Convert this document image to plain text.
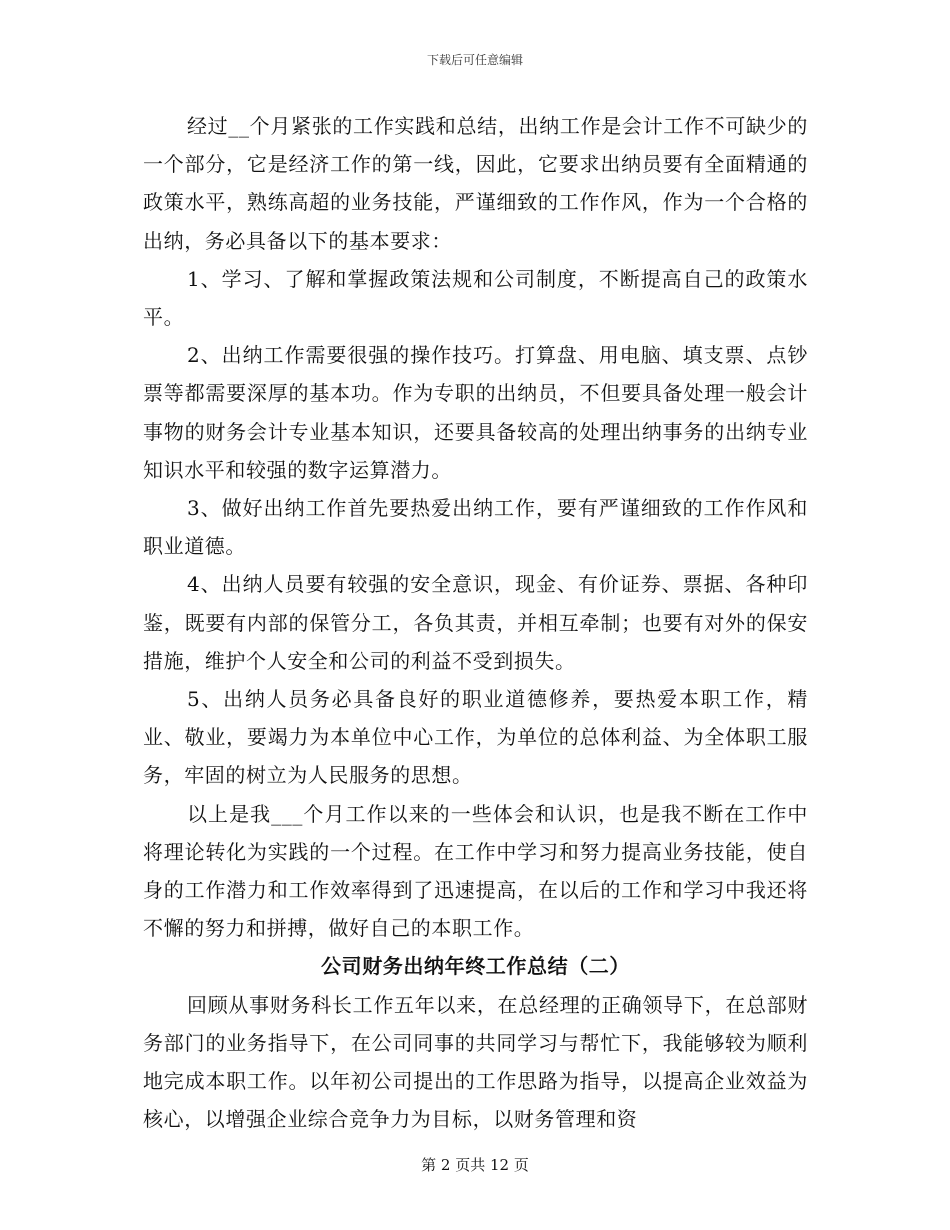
下载后可任意编辑

经过__个月紧张的工作实践和总结，出纳工作是会计工作不可缺少的一个部分，它是经济工作的第一线，因此，它要求出纳员要有全面精通的政策水平，熟练高超的业务技能，严谨细致的工作作风，作为一个合格的出纳，务必具备以下的基本要求：

1、学习、了解和掌握政策法规和公司制度，不断提高自己的政策水平。

2、出纳工作需要很强的操作技巧。打算盘、用电脑、填支票、点钞票等都需要深厚的基本功。作为专职的出纳员，不但要具备处理一般会计事物的财务会计专业基本知识，还要具备较高的处理出纳事务的出纳专业知识水平和较强的数字运算潜力。

3、做好出纳工作首先要热爱出纳工作，要有严谨细致的工作作风和职业道德。

4、出纳人员要有较强的安全意识，现金、有价证券、票据、各种印鉴，既要有内部的保管分工，各负其责，并相互牵制；也要有对外的保安措施，维护个人安全和公司的利益不受到损失。

5、出纳人员务必具备良好的职业道德修养，要热爱本职工作，精业、敬业，要竭力为本单位中心工作，为单位的总体利益、为全体职工服务，牢固的树立为人民服务的思想。

以上是我___个月工作以来的一些体会和认识，也是我不断在工作中将理论转化为实践的一个过程。在工作中学习和努力提高业务技能，使自身的工作潜力和工作效率得到了迅速提高，在以后的工作和学习中我还将不懈的努力和拼搏，做好自己的本职工作。

公司财务出纳年终工作总结（二）

回顾从事财务科长工作五年以来，在总经理的正确领导下，在总部财务部门的业务指导下，在公司同事的共同学习与帮忙下，我能够较为顺利地完成本职工作。以年初公司提出的工作思路为指导，以提高企业效益为核心，以增强企业综合竞争力为目标，以财务管理和资

第 2 页共 12 页
